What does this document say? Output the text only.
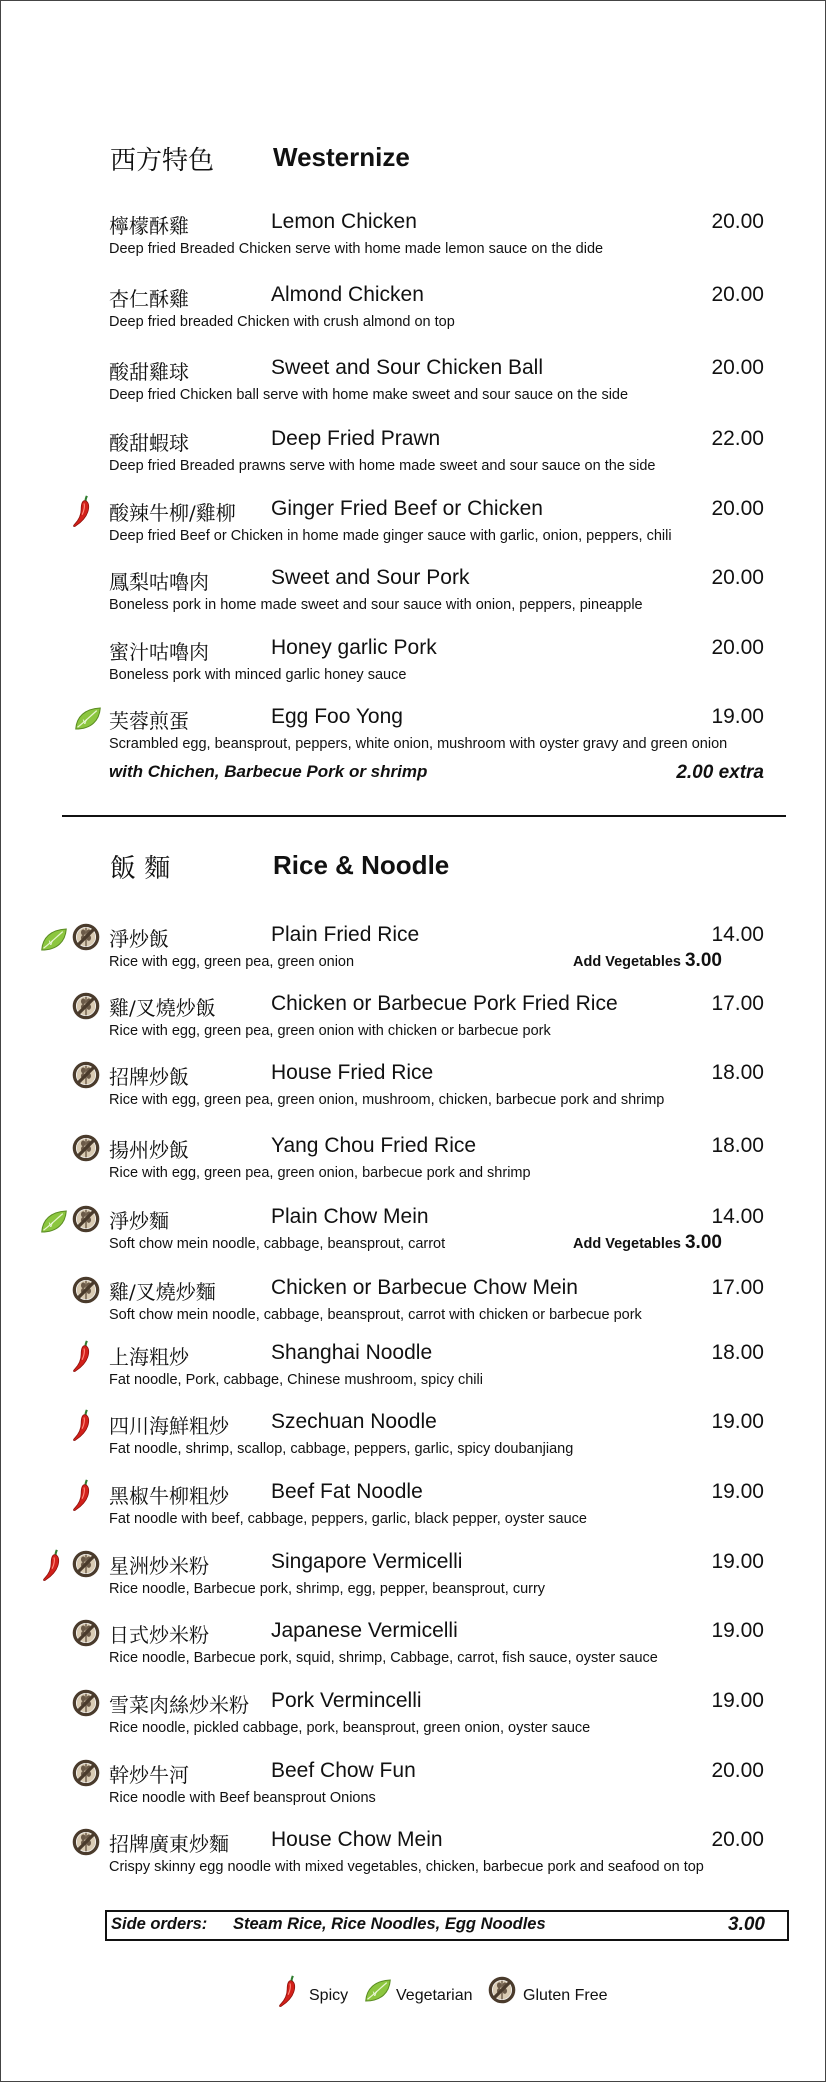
西方特色 Westernize
檸檬酥雞	Lemon Chicken	20.00
Deep fried Breaded Chicken serve with home made lemon sauce on the dide
杏仁酥雞	Almond Chicken	20.00
Deep fried breaded Chicken with crush almond on top
酸甜雞球	Sweet and Sour Chicken Ball	20.00
Deep fried Chicken ball serve with home make sweet and sour sauce on the side
酸甜蝦球	Deep Fried Prawn	22.00
Deep fried Breaded prawns serve with home made sweet and sour sauce on the side
酸辣牛柳/雞柳 Ginger Fried Beef or Chicken	20.00
Deep fried Beef or Chicken in home made ginger sauce with garlic, onion, peppers, chili
鳳梨咕嚕肉	Sweet and Sour Pork	20.00
Boneless pork in home made sweet and sour sauce with onion, peppers, pineapple
蜜汁咕嚕肉	Honey garlic Pork	20.00
Boneless pork with minced garlic honey sauce
芙蓉煎蛋	Egg Foo Yong	19.00
Scrambled egg, beansprout, peppers, white onion, mushroom with oyster gravy and green onion
with Chichen, Barbecue Pork or shrimp	2.00 extra
飯 麵	Rice & Noodle
淨炒飯	Plain Fried Rice	14.00
Rice with egg, green pea, green onion	Add Vegetables 3.00
雞/叉燒炒飯	Chicken or Barbecue Pork Fried Rice	17.00
Rice with egg, green pea, green onion with chicken or barbecue pork
招牌炒飯	House Fried Rice	18.00
Rice with egg, green pea, green onion, mushroom, chicken, barbecue pork and shrimp
揚州炒飯	Yang Chou Fried Rice	18.00
Rice with egg, green pea, green onion, barbecue pork and shrimp
淨炒麵	Plain Chow Mein	14.00
Soft chow mein noodle, cabbage, beansprout, carrot	Add Vegetables 3.00
雞/叉燒炒麵	Chicken or Barbecue Chow Mein	17.00
Soft chow mein noodle, cabbage, beansprout, carrot with chicken or barbecue pork
上海粗炒	Shanghai Noodle	18.00
Fat noodle, Pork, cabbage, Chinese mushroom, spicy chili
四川海鮮粗炒 Szechuan Noodle	19.00
Fat noodle, shrimp, scallop, cabbage, peppers, garlic, spicy doubanjiang
黑椒牛柳粗炒 Beef Fat Noodle	19.00
Fat noodle with beef, cabbage, peppers, garlic, black pepper, oyster sauce
星洲炒米粉	Singapore Vermicelli	19.00
Rice noodle, Barbecue pork, shrimp, egg, pepper, beansprout, curry
日式炒米粉	Japanese Vermicelli	19.00
Rice noodle, Barbecue pork, squid, shrimp, Cabbage, carrot, fish sauce, oyster sauce
雪菜肉絲炒米粉 Pork Vermincelli	19.00
Rice noodle, pickled cabbage, pork, beansprout, green onion, oyster sauce
幹炒牛河	Beef Chow Fun	20.00
Rice noodle with Beef beansprout Onions
招牌廣東炒麵 House Chow Mein	20.00
Crispy skinny egg noodle with mixed vegetables, chicken, barbecue pork and seafood on top
Side orders: Steam Rice, Rice Noodles, Egg Noodles	3.00
Spicy	Vegetarian	Gluten Free
